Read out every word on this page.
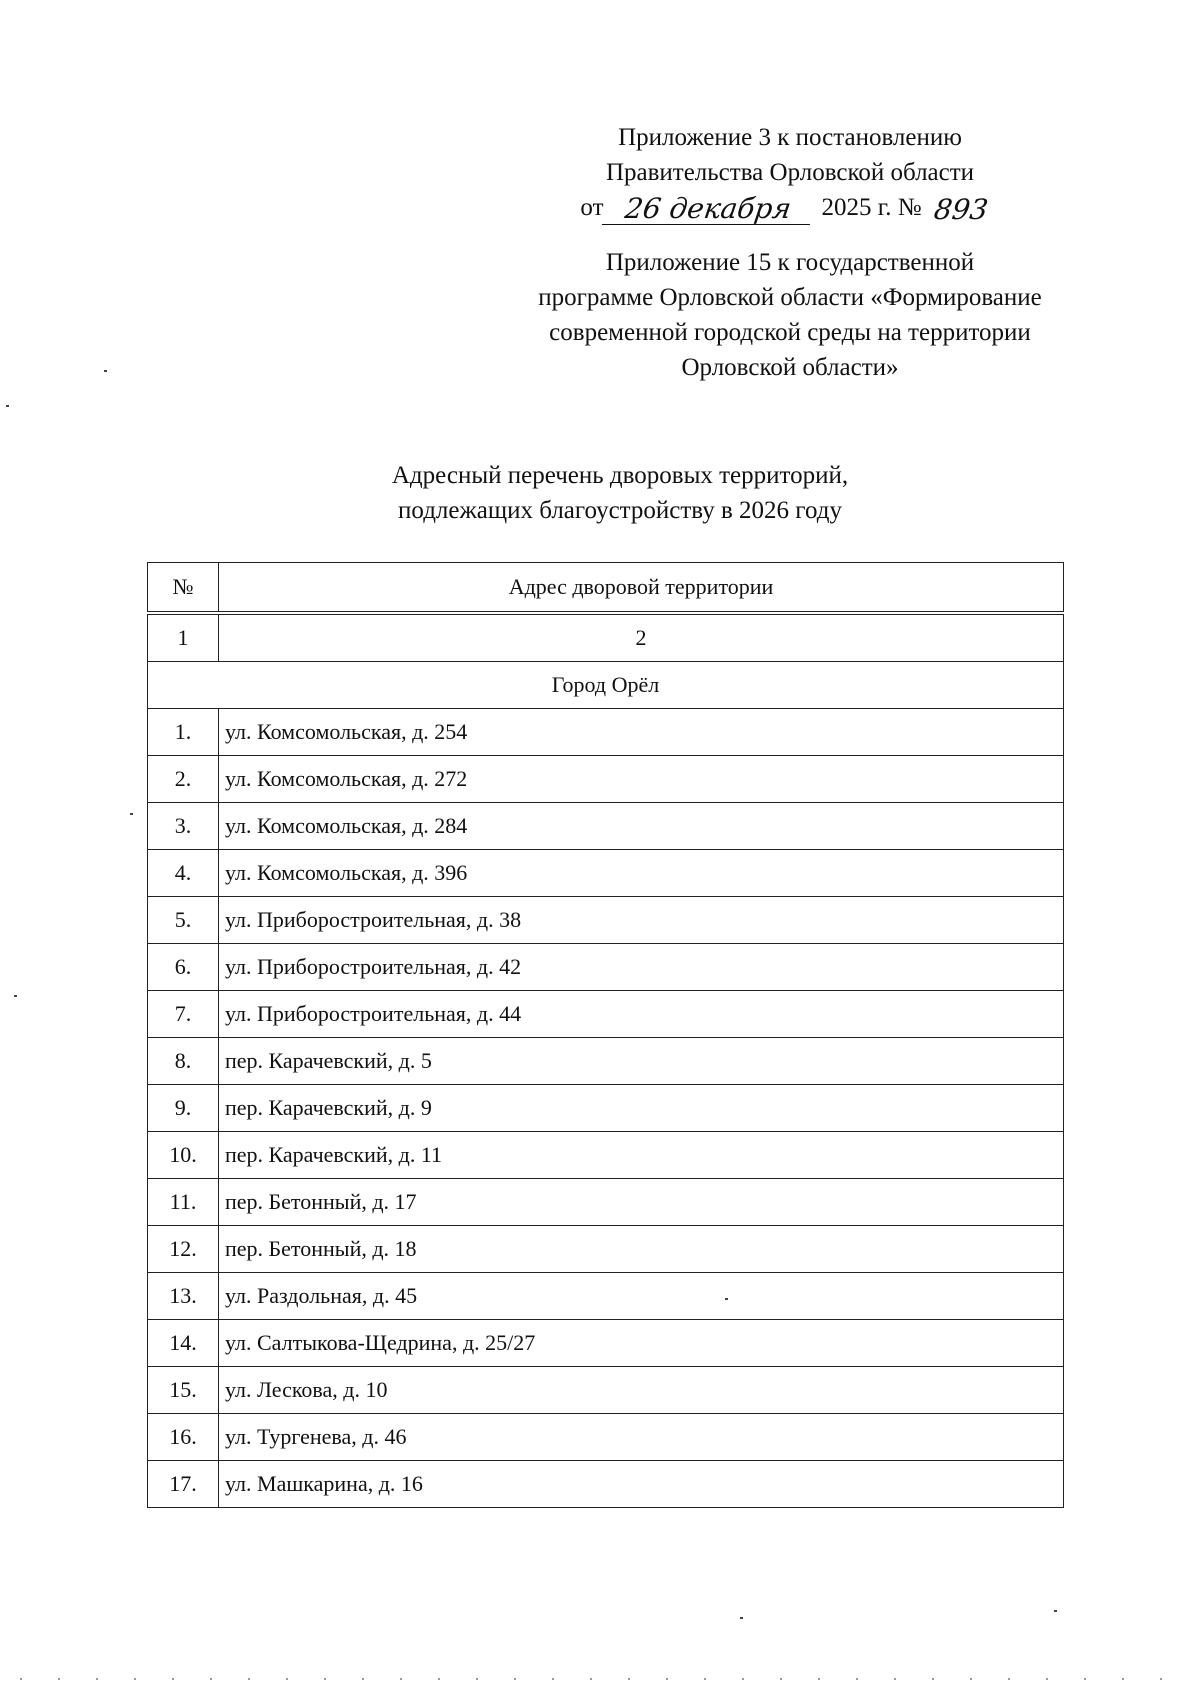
Приложение 3 к постановлению
Правительства Орловской области
от 26 декабря	2025 г. № 893
Приложение 15 к государственной
программе Орловской области «Формирование
современной городской среды на территории
Орловской области»
Адресный перечень дворовых территорий,
подлежащих благоустройству в 2026 году
№	Адрес дворовой территории
1	2
Город Орёл	
1.	ул. Комсомольская, д. 254
2.	ул. Комсомольская, д. 272
3.	ул. Комсомольская, д. 284
4.	ул. Комсомольская, д. 396
5.	ул. Приборостроительная, д. 38
6.	ул. Приборостроительная, д. 42
7.	ул. Приборостроительная, д. 44
8.	пер. Карачевский, д. 5
9.	пер. Карачевский, д. 9
10.	пер. Карачевский, д. 11
11.	пер. Бетонный, д. 17
12.	пер. Бетонный, д. 18
13.	ул. Раздольная, д. 45
14.	ул. Салтыкова-Щедрина, д. 25/27
15.	ул. Лескова, д. 10
16.	ул. Тургенева, д. 46
17.	ул. Машкарина, д. 16
